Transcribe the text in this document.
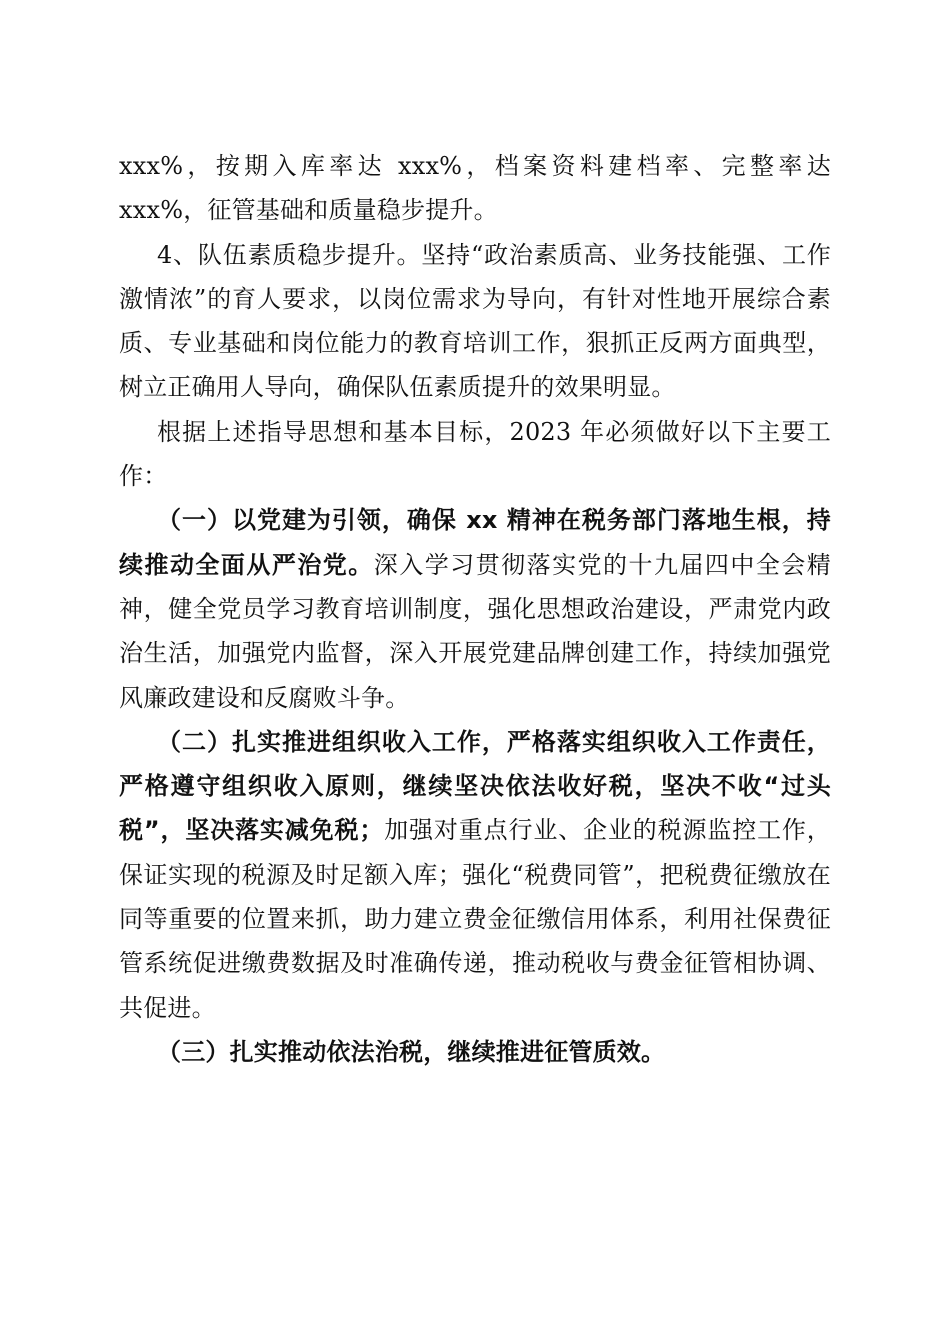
xxx%，按期入库率达 xxx%，档案资料建档率、完整率达 xxx%，征管基础和质量稳步提升。

4、队伍素质稳步提升。坚持“政治素质高、业务技能强、工作激情浓”的育人要求，以岗位需求为导向，有针对性地开展综合素质、专业基础和岗位能力的教育培训工作，狠抓正反两方面典型，树立正确用人导向，确保队伍素质提升的效果明显。

根据上述指导思想和基本目标，2023 年必须做好以下主要工作：

（一）以党建为引领，确保 xx 精神在税务部门落地生根，持续推动全面从严治党。深入学习贯彻落实党的十九届四中全会精神，健全党员学习教育培训制度，强化思想政治建设，严肃党内政治生活，加强党内监督，深入开展党建品牌创建工作，持续加强党风廉政建设和反腐败斗争。

（二）扎实推进组织收入工作，严格落实组织收入工作责任，严格遵守组织收入原则，继续坚决依法收好税，坚决不收“过头税”，坚决落实减免税；加强对重点行业、企业的税源监控工作，保证实现的税源及时足额入库；强化“税费同管”，把税费征缴放在同等重要的位置来抓，助力建立费金征缴信用体系，利用社保费征管系统促进缴费数据及时准确传递，推动税收与费金征管相协调、共促进。

（三）扎实推动依法治税，继续推进征管质效。
